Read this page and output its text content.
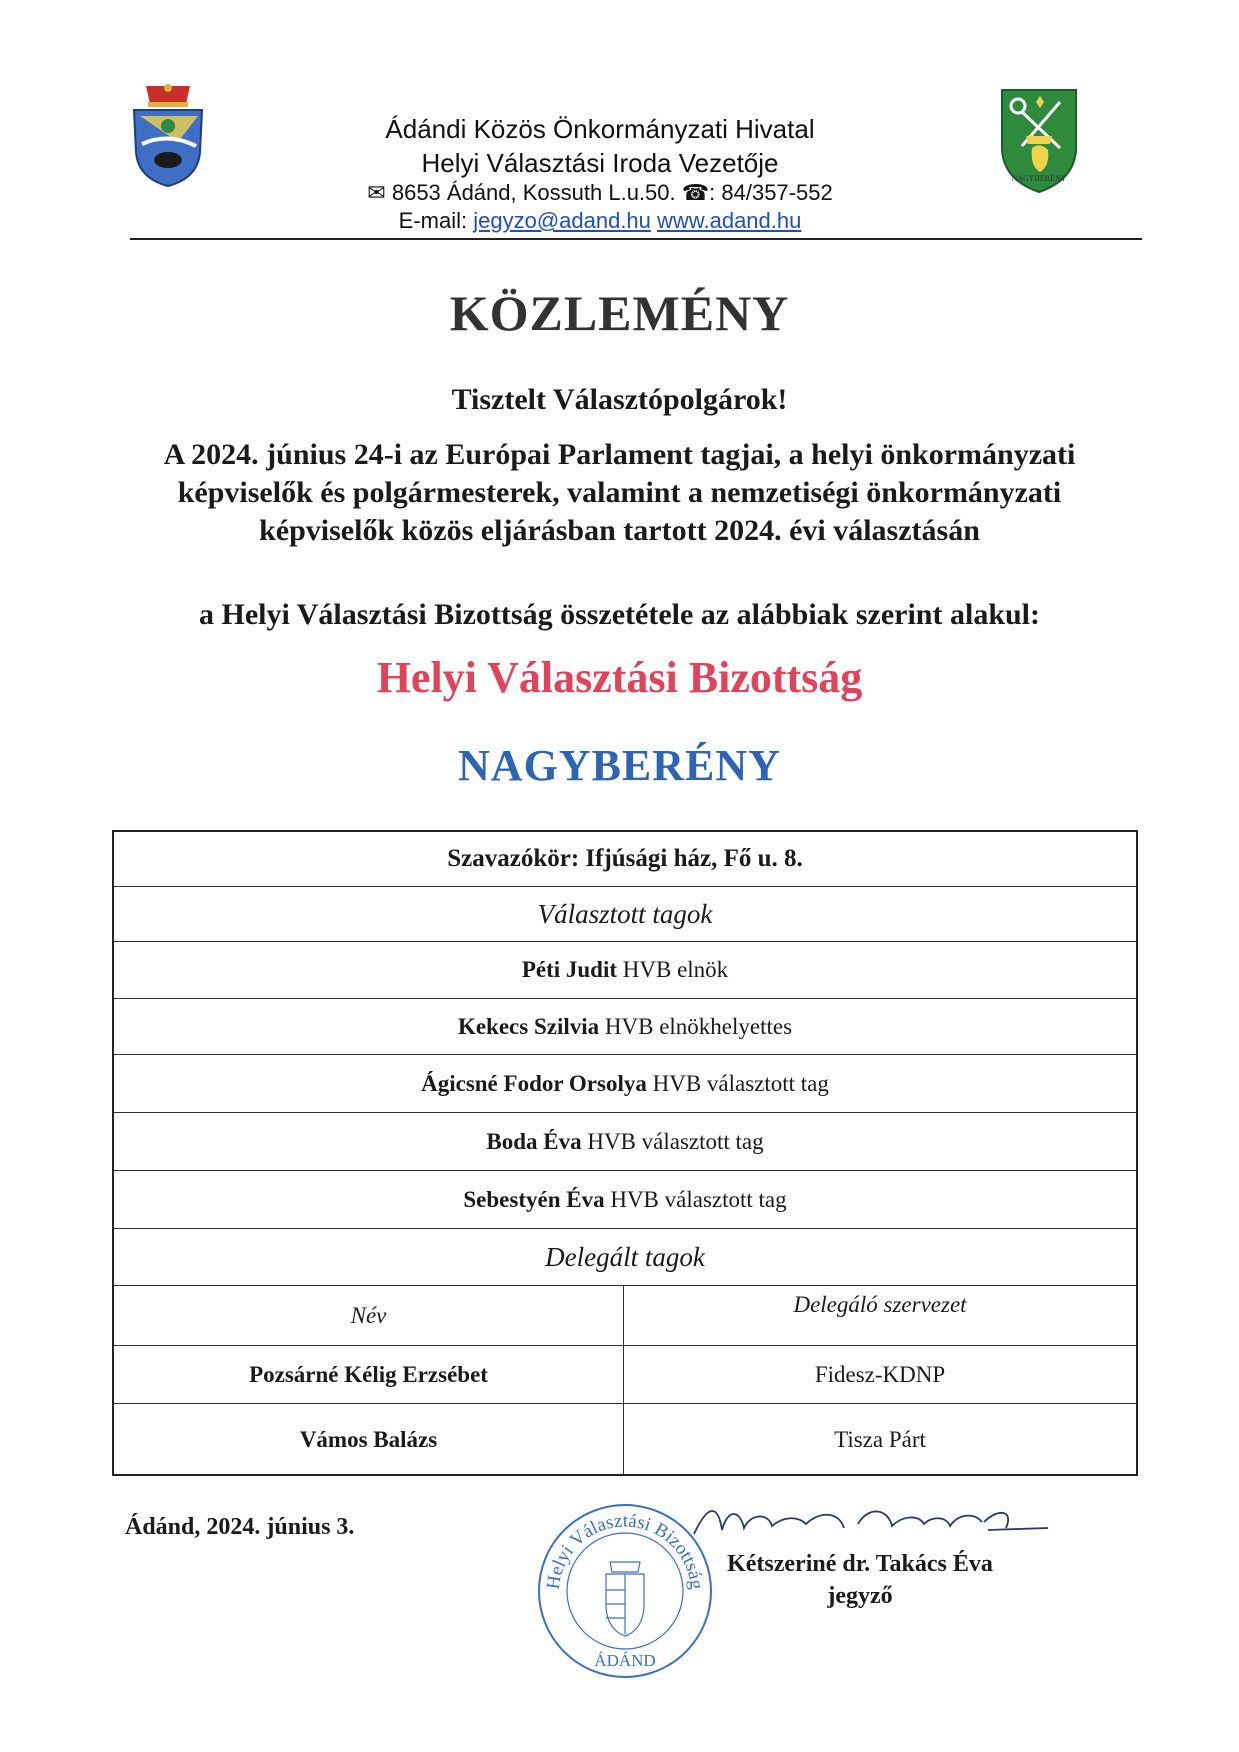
NAGYBERÉNY
Ádándi Közös Önkormányzati Hivatal
Helyi Választási Iroda Vezetője
✉ 8653 Ádánd, Kossuth L.u.50. ☎: 84/357-552
E-mail: jegyzo@adand.hu www.adand.hu
KÖZLEMÉNY
Tisztelt Választópolgárok!
A 2024. június 24-i az Európai Parlament tagjai, a helyi önkormányzati képviselők és polgármesterek, valamint a nemzetiségi önkormányzati képviselők közös eljárásban tartott 2024. évi választásán
a Helyi Választási Bizottság összetétele az alábbiak szerint alakul:
Helyi Választási Bizottság
NAGYBERÉNY
Szavazókör: Ifjúsági ház, Fő u. 8.
Választott tagok
Péti Judit
HVB elnök
Kekecs Szilvia
HVB elnökhelyettes
Ágicsné Fodor Orsolya
HVB választott tag
Boda Éva
HVB választott tag
Sebestyén Éva
HVB választott tag
Delegált tagok
Név	Delegáló szervezet
Pozsárné Kélig Erzsébet	Fidesz-KDNP
Vámos Balázs	Tisza Párt
Ádánd, 2024. június 3.
Helyi Választási Bizottság
ÁDÁND
Kétszeriné dr. Takács Éva
jegyző
